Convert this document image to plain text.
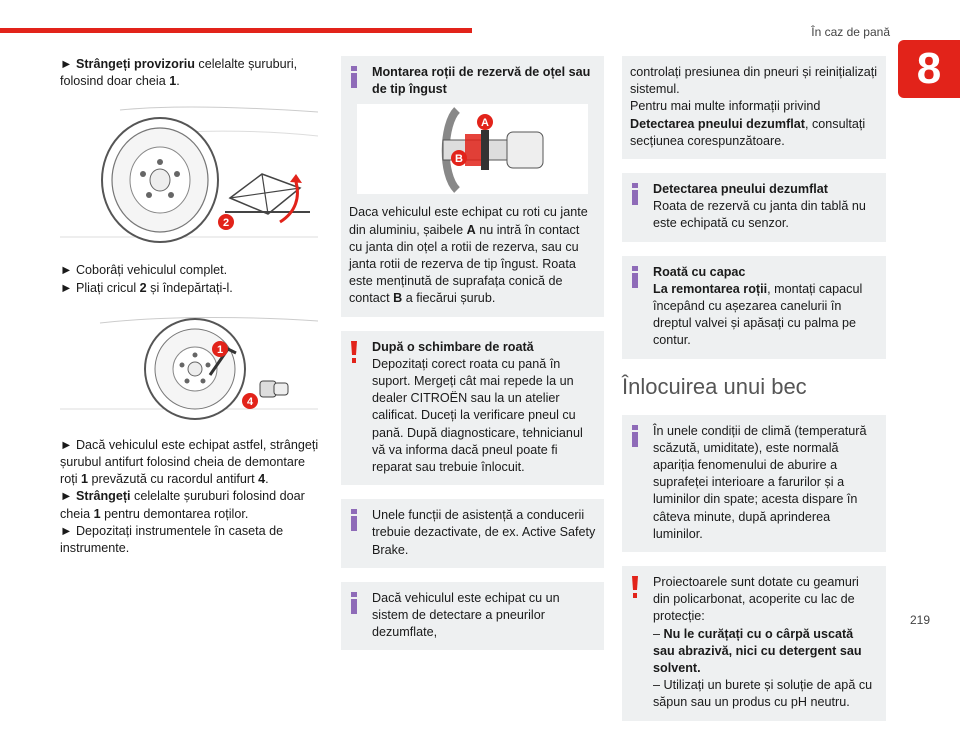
În caz de pană
8

► Strângeți provizoriu celelalte șuruburi, folosind doar cheia 1.

2

► Coborâți vehiculul complet.

► Pliați cricul 2 și îndepărtați-l.

1
4

► Dacă vehiculul este echipat astfel, strângeți șurubul antifurt folosind cheia de demontare roți 1 prevăzută cu racordul antifurt 4.

► Strângeți celelalte șuruburi folosind doar cheia 1 pentru demontarea roților.

► Depozitați instrumentele în caseta de instrumente.

Montarea roții de rezervă de oțel sau de tip îngust

A
B

Daca vehiculul este echipat cu roti cu jante din aluminiu, șaibele A nu intră în contact cu janta din oțel a rotii de rezerva, sau cu janta rotii de rezerva de tip îngust. Roata este menținută de suprafața conică de contact B a fiecărui șurub.

După o schimbare de roată

Depozitați corect roata cu pană în suport. Mergeți cât mai repede la un dealer CITROËN sau la un atelier calificat. Duceți la verificare pneul cu pană. După diagnosticare, tehnicianul vă va informa dacă pneul poate fi reparat sau trebuie înlocuit.

Unele funcții de asistență a conducerii trebuie dezactivate, de ex. Active Safety Brake.

Dacă vehiculul este echipat cu un sistem de detectare a pneurilor dezumflate,

controlați presiunea din pneuri și reinițializați sistemul.

Pentru mai multe informații privind Detectarea pneului dezumflat, consultați secțiunea corespunzătoare.

Detectarea pneului dezumflat

Roata de rezervă cu janta din tablă nu este echipată cu senzor.

Roată cu capac

La remontarea roții, montați capacul începând cu așezarea canelurii în dreptul valvei și apăsați cu palma pe contur.

Înlocuirea unui bec

În unele condiții de climă (temperatură scăzută, umiditate), este normală apariția fenomenului de aburire a suprafeței interioare a farurilor și a luminilor din spate; acesta dispare în câteva minute, după aprinderea luminilor.

Proiectoarele sunt dotate cu geamuri din policarbonat, acoperite cu lac de protecție:

– Nu le curățați cu o cârpă uscată sau abrazivă, nici cu detergent sau solvent.

– Utilizați un burete și soluție de apă cu săpun sau un produs cu pH neutru.

219
